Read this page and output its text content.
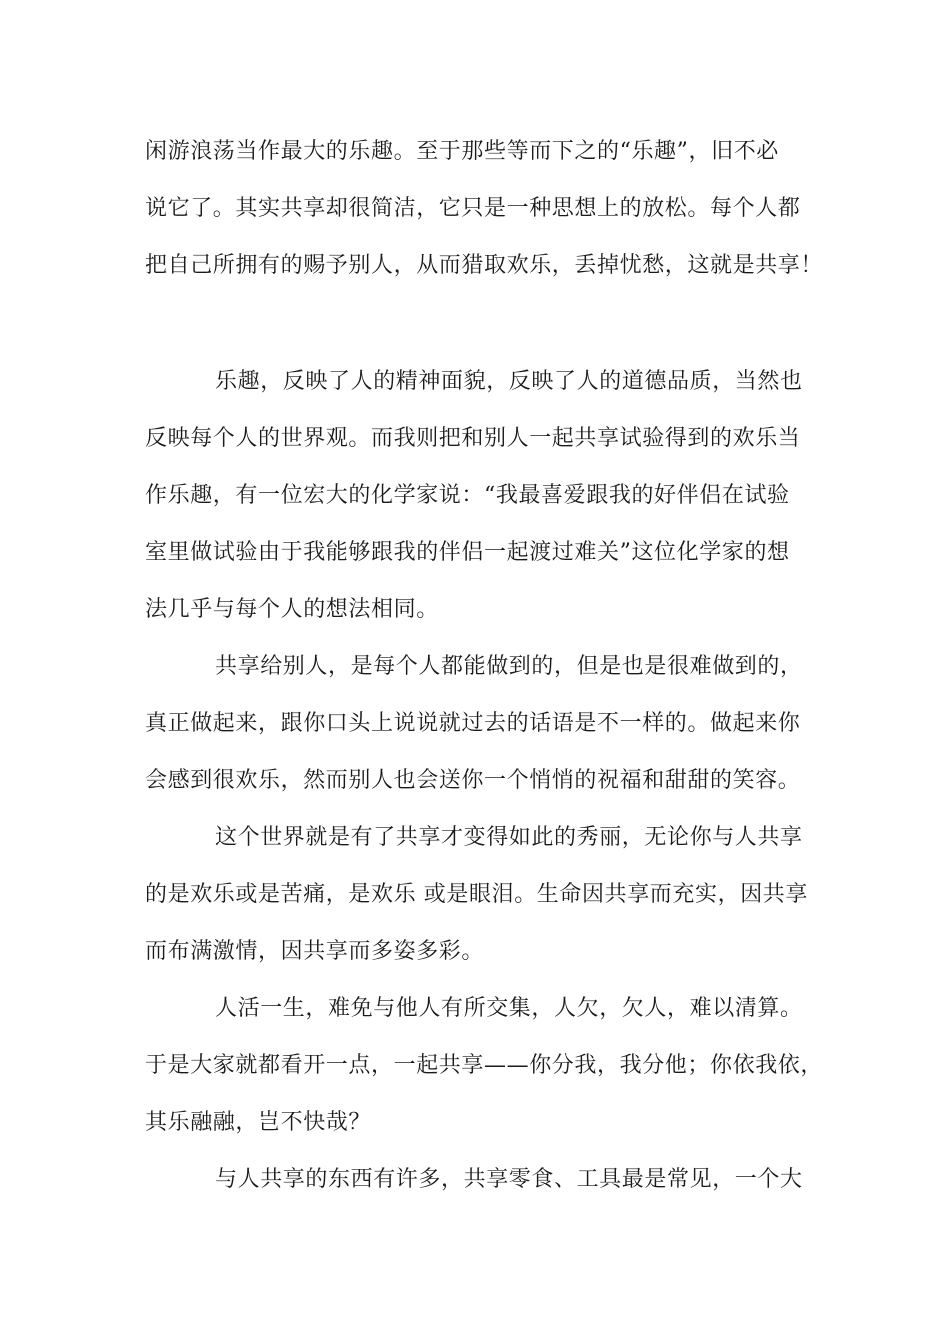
闲游浪荡当作最大的乐趣。至于那些等而下之的“乐趣”，旧不必
说它了。其实共享却很简洁，它只是一种思想上的放松。每个人都
把自己所拥有的赐予别人，从而猎取欢乐，丢掉忧愁，这就是共享！
乐趣，反映了人的精神面貌，反映了人的道德品质，当然也
反映每个人的世界观。而我则把和别人一起共享试验得到的欢乐当
作乐趣，有一位宏大的化学家说：“我最喜爱跟我的好伴侣在试验
室里做试验由于我能够跟我的伴侣一起渡过难关”这位化学家的想
法几乎与每个人的想法相同。
共享给别人，是每个人都能做到的，但是也是很难做到的，
真正做起来，跟你口头上说说就过去的话语是不一样的。做起来你
会感到很欢乐，然而别人也会送你一个悄悄的祝福和甜甜的笑容。
这个世界就是有了共享才变得如此的秀丽，无论你与人共享
的是欢乐或是苦痛，是欢乐 或是眼泪。生命因共享而充实，因共享
而布满激情，因共享而多姿多彩。
人活一生，难免与他人有所交集，人欠，欠人，难以清算。
于是大家就都看开一点，一起共享——你分我，我分他；你依我依，
其乐融融，岂不快哉？
与人共享的东西有许多，共享零食、工具最是常见，一个大
